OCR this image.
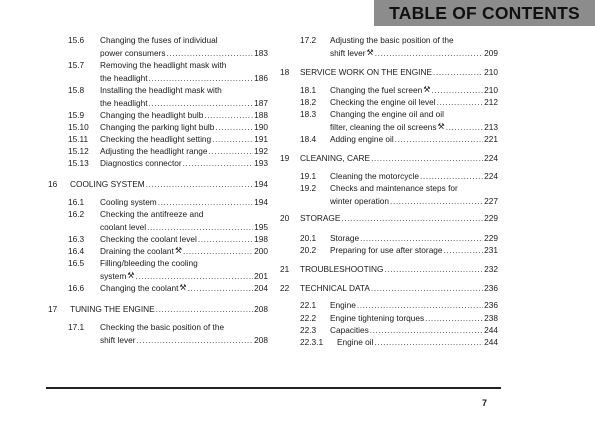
TABLE OF CONTENTS
15.6 Changing the fuses of individual
power consumers .....	183
15.7 Removing the headlight mask with
the headlight .....	186
15.8 Installing the headlight mask with
the headlight .....	187
15.9 Changing the headlight bulb .....	188
15.10 Changing the parking light bulb .....	190
15.11 Checking the headlight setting .....	191
15.12 Adjusting the headlight range .....	192
15.13 Diagnostics connector .....	193
16 COOLING SYSTEM .....	194
16.1 Cooling system .....	194
16.2 Checking the antifreeze and
coolant level .....	195
16.3 Checking the coolant level .....	198
16.4 Draining the coolant ⚒ .....	200
16.5 Filling/bleeding the cooling
system ⚒ .....	201
16.6 Changing the coolant ⚒ .....	204
17 TUNING THE ENGINE .....	208
17.1 Checking the basic position of the
shift lever .....	208
17.2 Adjusting the basic position of the
shift lever ⚒ .....	209
18 SERVICE WORK ON THE ENGINE .....	210
18.1 Changing the fuel screen ⚒ .....	210
18.2 Checking the engine oil level .....	212
18.3 Changing the engine oil and oil
filter, cleaning the oil screens ⚒ .....	213
18.4 Adding engine oil .....	221
19 CLEANING, CARE .....	224
19.1 Cleaning the motorcycle .....	224
19.2 Checks and maintenance steps for
winter operation .....	227
20 STORAGE .....	229
20.1 Storage .....	229
20.2 Preparing for use after storage .....	231
21 TROUBLESHOOTING .....	232
22 TECHNICAL DATA .....	236
22.1 Engine .....	236
22.2 Engine tightening torques .....	238
22.3 Capacities .....	244
22.3.1 Engine oil .....	244
7
